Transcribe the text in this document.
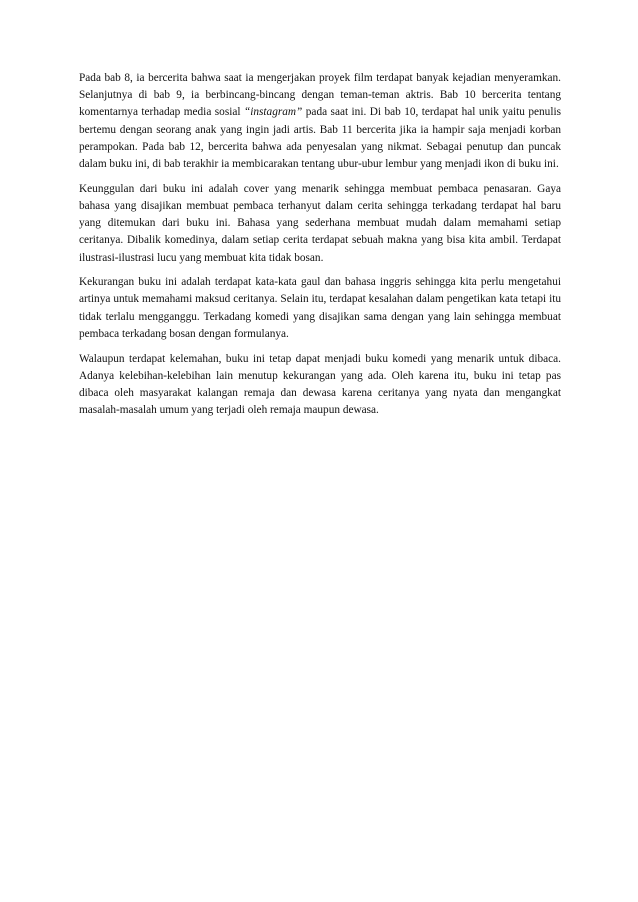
Pada bab 8, ia bercerita bahwa saat ia mengerjakan proyek film terdapat banyak kejadian menyeramkan. Selanjutnya di bab 9, ia berbincang-bincang dengan teman-teman aktris. Bab 10 bercerita tentang komentarnya terhadap media sosial “instagram” pada saat ini. Di bab 10, terdapat hal unik yaitu penulis bertemu dengan seorang anak yang ingin jadi artis. Bab 11 bercerita jika ia hampir saja menjadi korban perampokan. Pada bab 12, bercerita bahwa ada penyesalan yang nikmat. Sebagai penutup dan puncak dalam buku ini, di bab terakhir ia membicarakan tentang ubur-ubur lembur yang menjadi ikon di buku ini.

Keunggulan dari buku ini adalah cover yang menarik sehingga membuat pembaca penasaran. Gaya bahasa yang disajikan membuat pembaca terhanyut dalam cerita sehingga terkadang terdapat hal baru yang ditemukan dari buku ini. Bahasa yang sederhana membuat mudah dalam memahami setiap ceritanya. Dibalik komedinya, dalam setiap cerita terdapat sebuah makna yang bisa kita ambil. Terdapat ilustrasi-ilustrasi lucu yang membuat kita tidak bosan.

Kekurangan buku ini adalah terdapat kata-kata gaul dan bahasa inggris sehingga kita perlu mengetahui artinya untuk memahami maksud ceritanya. Selain itu, terdapat kesalahan dalam pengetikan kata tetapi itu tidak terlalu mengganggu. Terkadang komedi yang disajikan sama dengan yang lain sehingga membuat pembaca terkadang bosan dengan formulanya.

Walaupun terdapat kelemahan, buku ini tetap dapat menjadi buku komedi yang menarik untuk dibaca. Adanya kelebihan-kelebihan lain menutup kekurangan yang ada. Oleh karena itu, buku ini tetap pas dibaca oleh masyarakat kalangan remaja dan dewasa karena ceritanya yang nyata dan mengangkat masalah-masalah umum yang terjadi oleh remaja maupun dewasa.
